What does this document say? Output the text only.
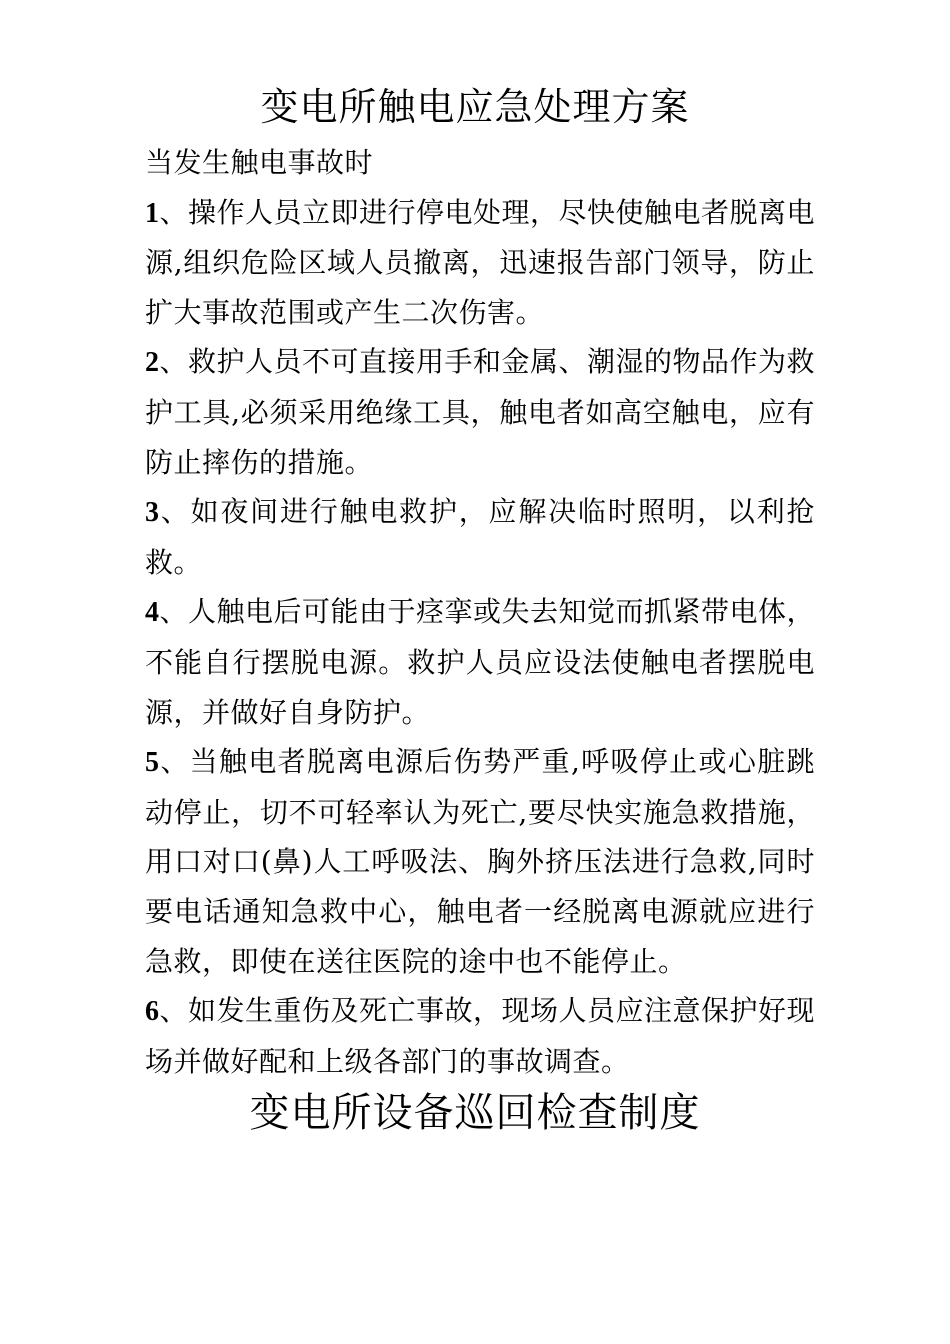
变电所触电应急处理方案

当发生触电事故时

1、操作人员立即进行停电处理，尽快使触电者脱离电源,组织危险区域人员撤离，迅速报告部门领导，防止扩大事故范围或产生二次伤害。

2、救护人员不可直接用手和金属、潮湿的物品作为救护工具,必须采用绝缘工具，触电者如高空触电，应有防止摔伤的措施。

3、如夜间进行触电救护，应解决临时照明，以利抢救。

4、人触电后可能由于痉挛或失去知觉而抓紧带电体，不能自行摆脱电源。救护人员应设法使触电者摆脱电源，并做好自身防护。

5、当触电者脱离电源后伤势严重,呼吸停止或心脏跳动停止，切不可轻率认为死亡,要尽快实施急救措施，用口对口(鼻)人工呼吸法、胸外挤压法进行急救,同时要电话通知急救中心，触电者一经脱离电源就应进行急救，即使在送往医院的途中也不能停止。

6、如发生重伤及死亡事故，现场人员应注意保护好现场并做好配和上级各部门的事故调查。

变电所设备巡回检查制度
